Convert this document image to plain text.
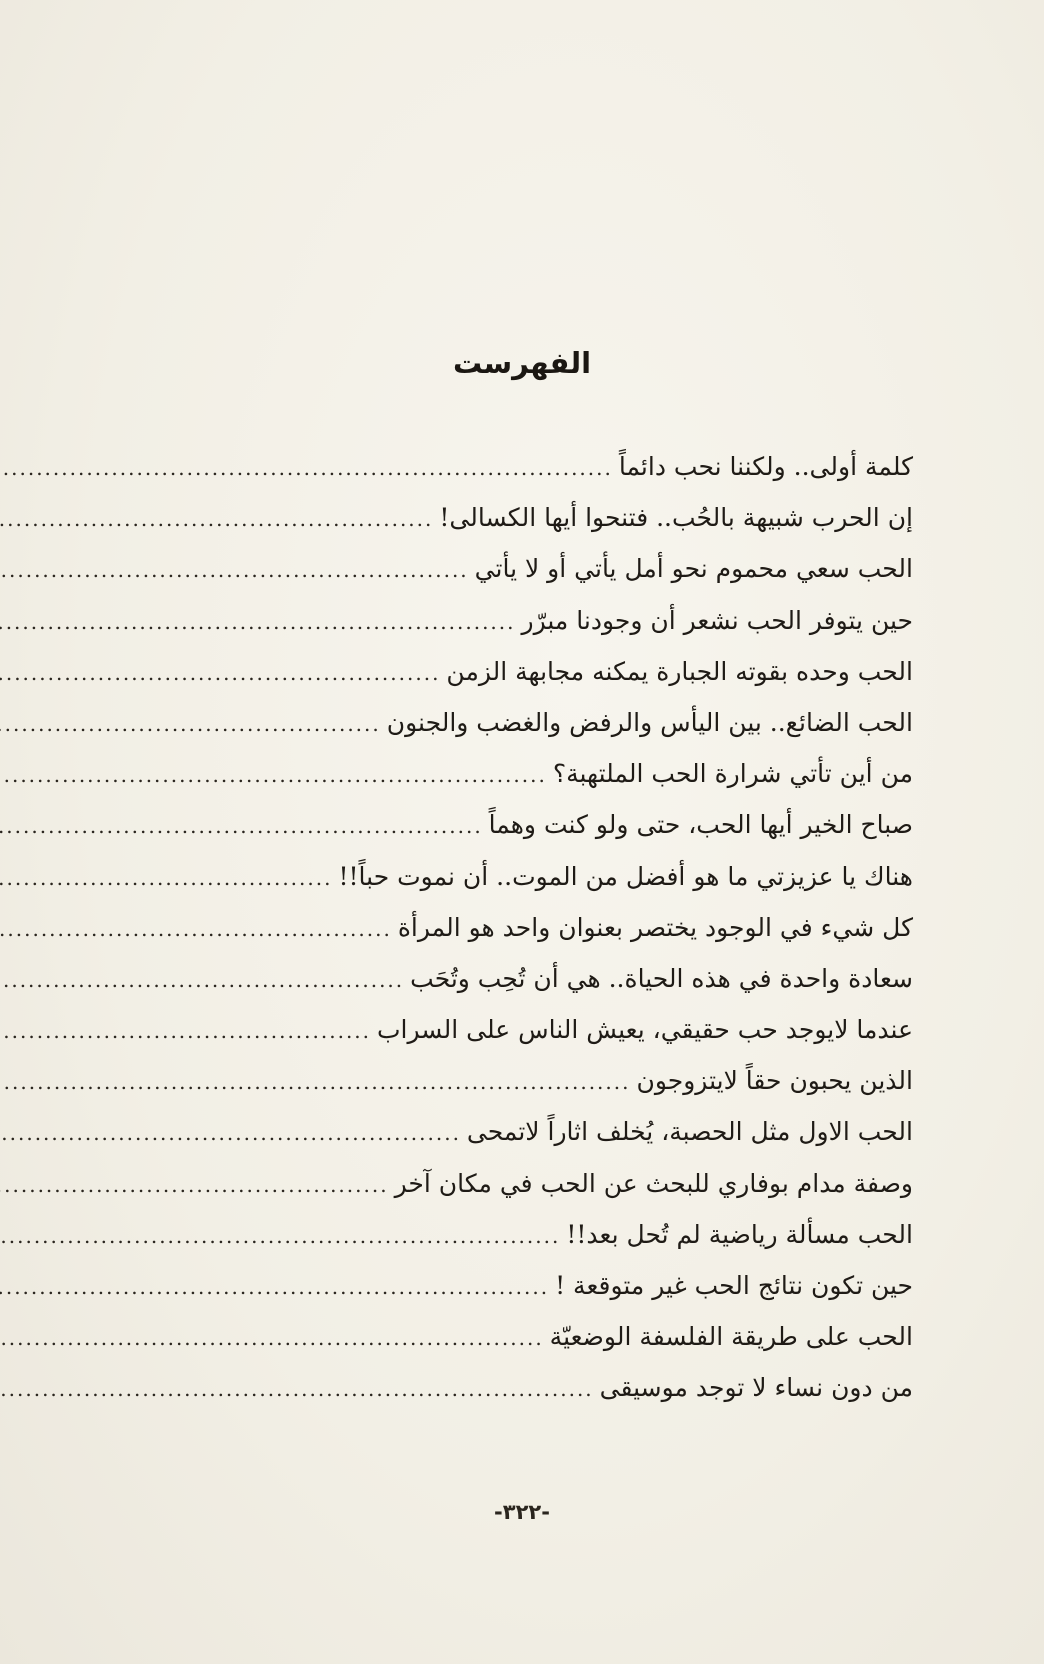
الفهرست
كلمة أولى.. ولكننا نحب دائماً
.....
إن الحرب شبيهة بالحُب.. فتنحوا أيها الكسالى!
.....
الحب سعي محموم نحو أمل يأتي أو لا يأتي
.....
حين يتوفر الحب نشعر أن وجودنا مبرّر
.....
الحب وحده بقوته الجبارة يمكنه مجابهة الزمن
.....
الحب الضائع.. بين اليأس والرفض والغضب والجنون
.....
من أين تأتي شرارة الحب الملتهبة؟
.....
صباح الخير أيها الحب، حتى ولو كنت وهماً
.....
هناك يا عزيزتي ما هو أفضل من الموت.. أن نموت حباً!!
.....
كل شيء في الوجود يختصر بعنوان واحد هو المرأة
.....
سعادة واحدة في هذه الحياة.. هي أن تُحِب وتُحَب
.....
عندما لايوجد حب حقيقي، يعيش الناس على السراب
.....
الذين يحبون حقاً لايتزوجون
.....
الحب الاول مثل الحصبة، يُخلف اثاراً لاتمحى
.....
وصفة مدام بوفاري للبحث عن الحب في مكان آخر
.....
الحب مسألة رياضية لم تُحل بعد!!
.....
حين تكون نتائج الحب غير متوقعة !
.....
الحب على طريقة الفلسفة الوضعيّة
.....
من دون نساء لا توجد موسيقى
.....
-٣٢٢-
